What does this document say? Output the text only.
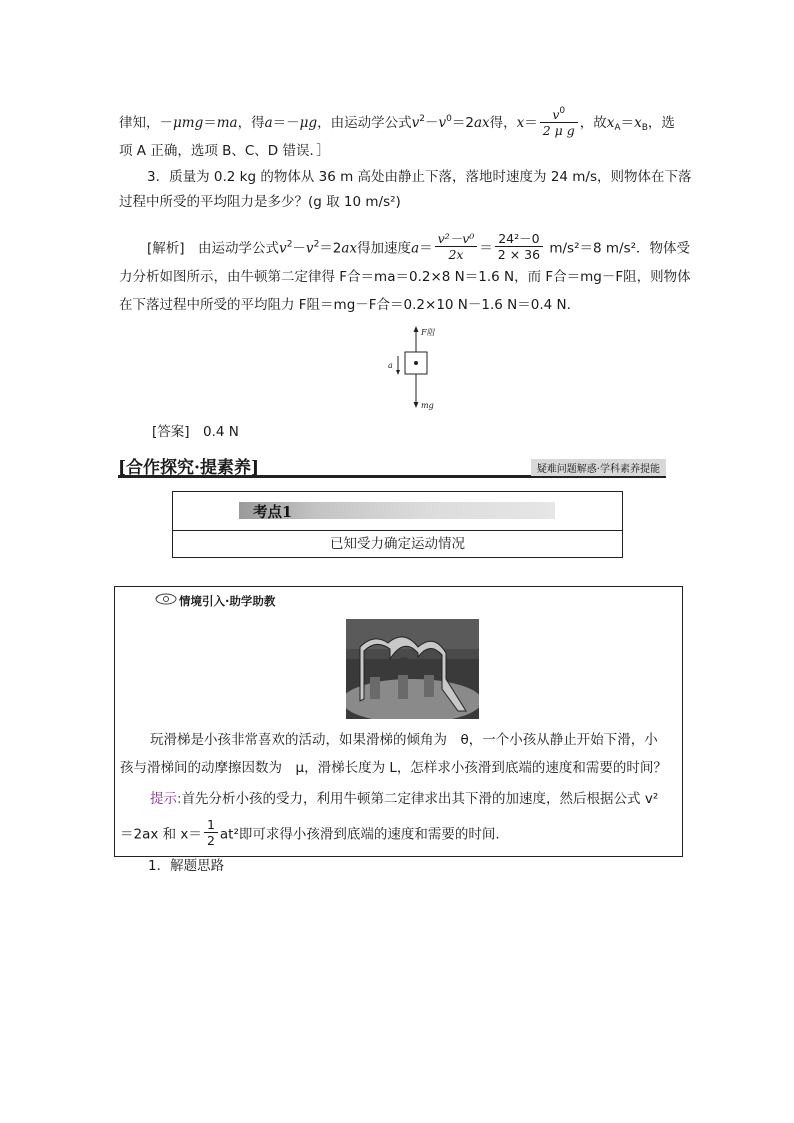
律知，－μmg＝ma，得a＝－μg，由运动学公式$v^2-v^0=2ax$得，$x= \frac{v^0}{\text{2 μ g}}$ ，故$x_A=x_B$，选
项 A 正确，选项 B、C、D 错误．］
3．质量为 0.2 kg 的物体从 36 m 高处由静止下落，落地时速度为 24 m/s，则物体在下落
过程中所受的平均阻力是多少？(g 取 10 m/s²)
[解析]　由运动学公式$v^2-v^2=2ax$得加速度$a= \frac{\text{v²－v⁰}}{2x} = \frac{\text{24²－0}}{2 \times 36} m/s^2=8$ m/s²．物体受
力分析如图所示，由牛顿第二定律得 F合＝ma＝0.2×8 N＝1.6 N，而 F合＝mg－F阻，则物体
在下落过程中所受的平均阻力 F阻＝mg－F合＝0.2×10 N－1.6 N＝0.4 N.
F阻
a
mg
[答案]　0.4 N
[合作探究·提素养]	疑难问题解惑·学科素养提能
考点1
已知受力确定运动情况
情境引入·助学助教
玩滑梯是小孩非常喜欢的活动，如果滑梯的倾角为　θ，一个小孩从静止开始下滑，小
孩与滑梯间的动摩擦因数为　μ，滑梯长度为 L，怎样求小孩滑到底端的速度和需要的时间？
提示:首先分析小孩的受力，利用牛顿第二定律求出其下滑的加速度，然后根据公式 v²
＝2ax 和 $x= \frac{1}{2} at^2$即可求得小孩滑到底端的速度和需要的时间.
1．解题思路
